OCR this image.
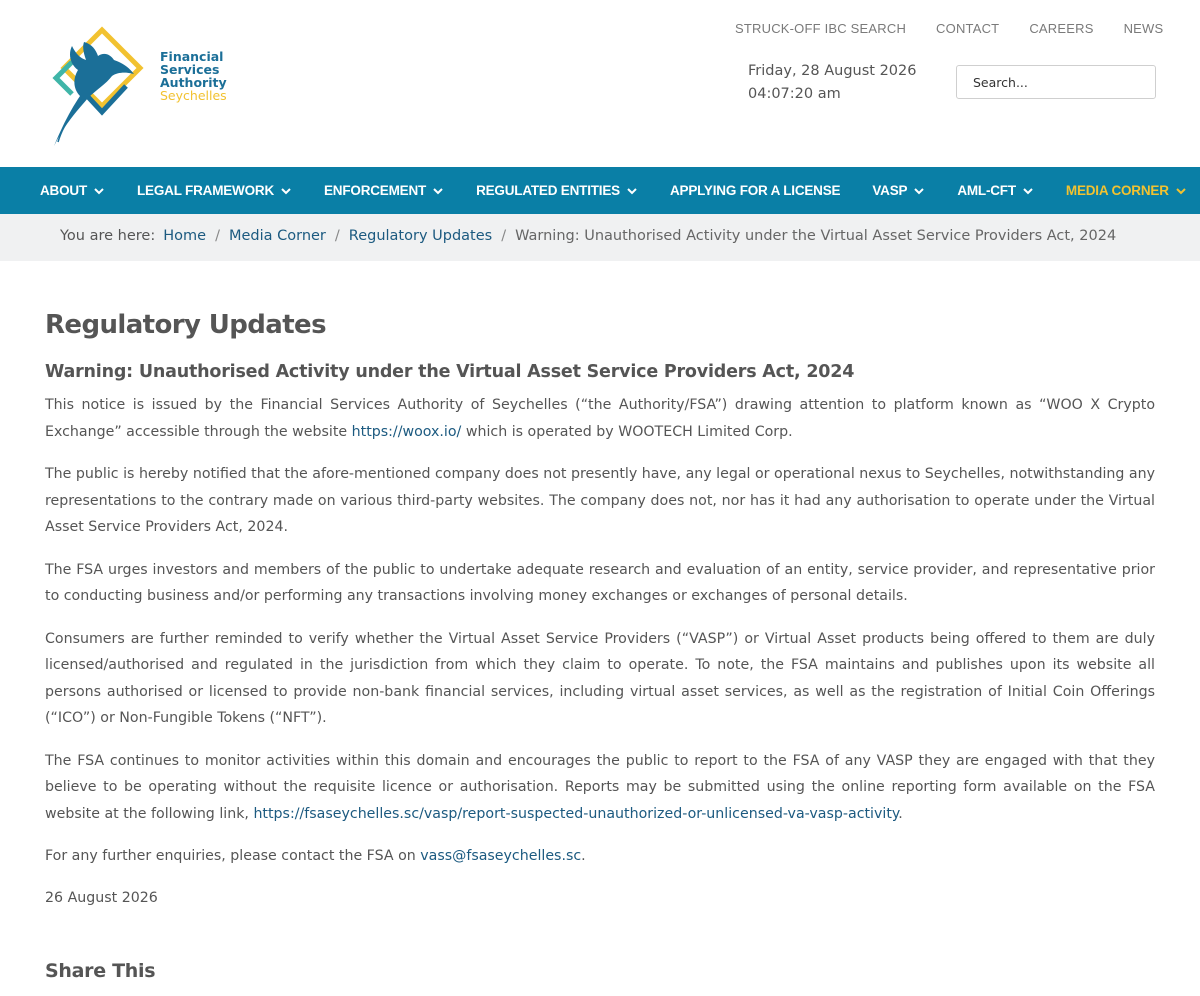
Financial
Services
Authority
Seychelles
STRUCK-OFF IBC SEARCH	CONTACT	CAREERS	NEWS
Friday, 28 August 2026
04:07:20 am
Search...
ABOUT	LEGAL FRAMEWORK	ENFORCEMENT	REGULATED ENTITIES	APPLYING FOR A LICENSE VASP	AML-CFT	MEDIA CORNER
You are here: Home / Media Corner / Regulatory Updates / Warning: Unauthorised Activity under the Virtual Asset Service Providers Act, 2024
Regulatory Updates
Warning: Unauthorised Activity under the Virtual Asset Service Providers Act, 2024

This notice is issued by the Financial Services Authority of Seychelles (“the Authority/FSA”) drawing attention to platform known as “WOO X Crypto Exchange” accessible through the website https://woox.io/ which is operated by WOOTECH Limited Corp.

The public is hereby notified that the afore-mentioned company does not presently have, any legal or operational nexus to Seychelles, notwithstanding any representations to the contrary made on various third-party websites. The company does not, nor has it had any authorisation to operate under the Virtual Asset Service Providers Act, 2024.

The FSA urges investors and members of the public to undertake adequate research and evaluation of an entity, service provider, and representative prior to conducting business and/or performing any transactions involving money exchanges or exchanges of personal details.

Consumers are further reminded to verify whether the Virtual Asset Service Providers (“VASP”) or Virtual Asset products being offered to them are duly licensed/authorised and regulated in the jurisdiction from which they claim to operate. To note, the FSA maintains and publishes upon its website all persons authorised or licensed to provide non-bank financial services, including virtual asset services, as well as the registration of Initial Coin Offerings (“ICO”) or Non-Fungible Tokens (“NFT”).

The FSA continues to monitor activities within this domain and encourages the public to report to the FSA of any VASP they are engaged with that they believe to be operating without the requisite licence or authorisation. Reports may be submitted using the online reporting form available on the FSA website at the following link, https://fsaseychelles.sc/vasp/report-suspected-unauthorized-or-unlicensed-va-vasp-activity.

For any further enquiries, please contact the FSA on vass@fsaseychelles.sc.

26 August 2026

Share This
